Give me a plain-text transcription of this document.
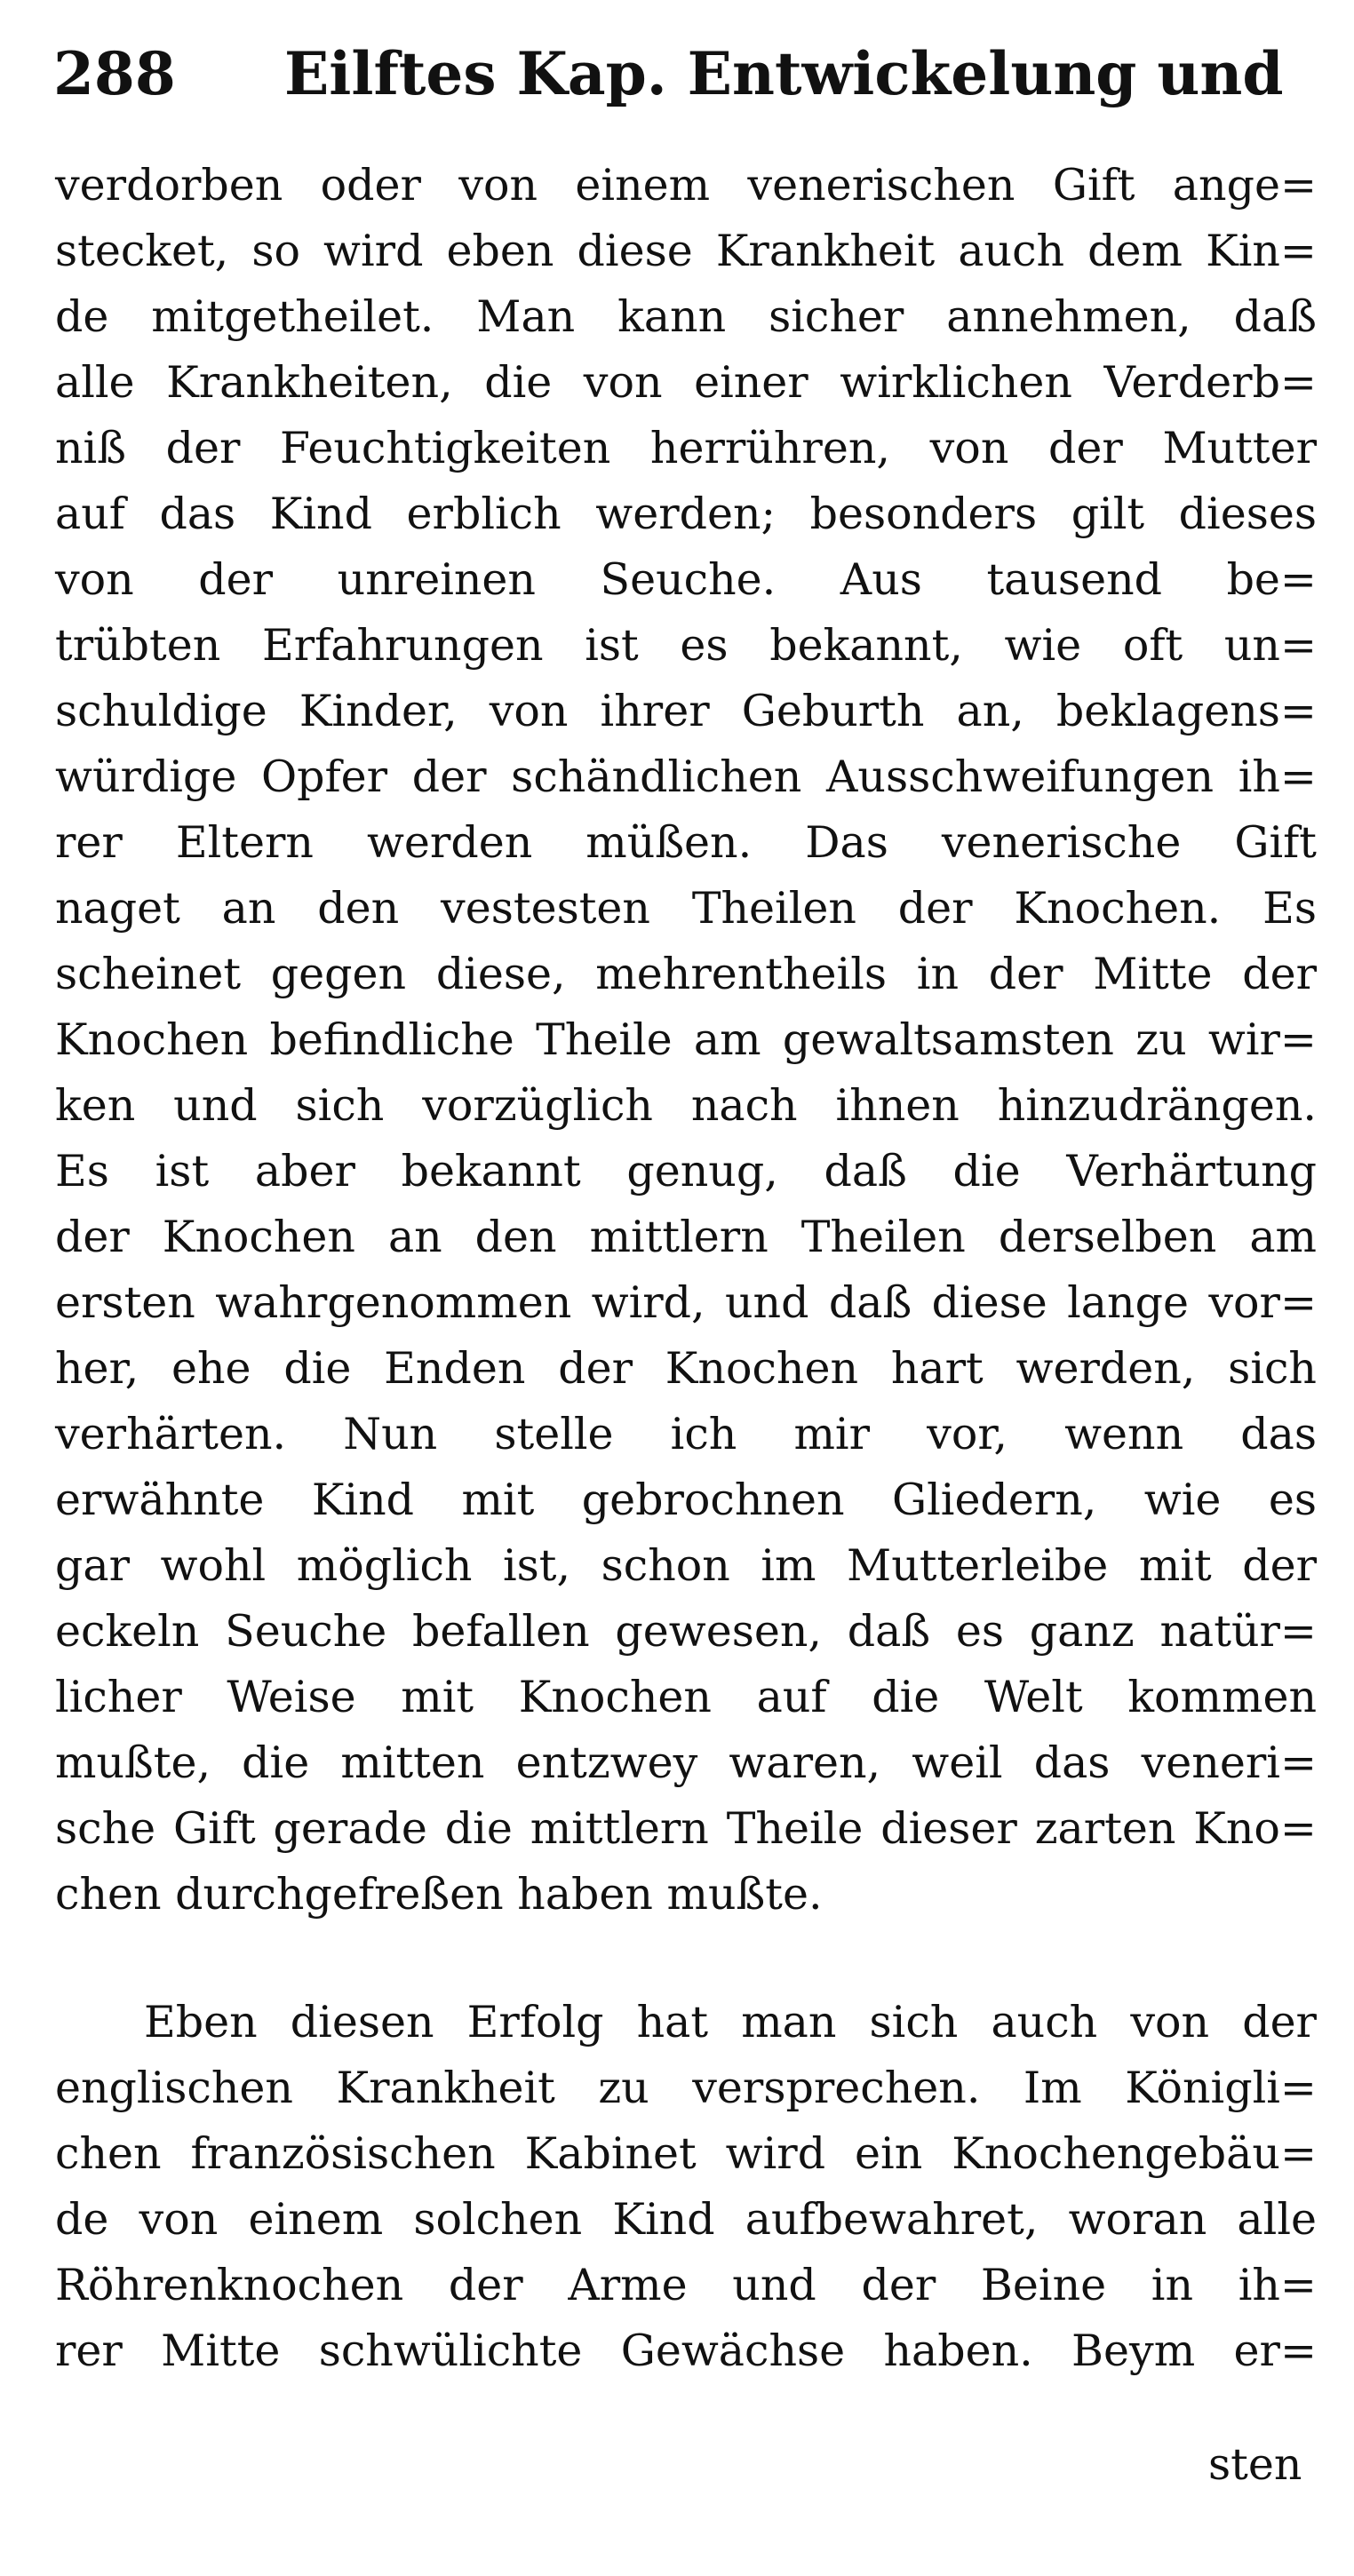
288 Eilftes Kap. Entwickelung und
verdorben oder von einem venerischen Gift ange=
stecket, so wird eben diese Krankheit auch dem Kin=
de mitgetheilet. Man kann sicher annehmen, daß
alle Krankheiten, die von einer wirklichen Verderb=
niß der Feuchtigkeiten herrühren, von der Mutter
auf das Kind erblich werden; besonders gilt dieses
von der unreinen Seuche. Aus tausend be=
trübten Erfahrungen ist es bekannt, wie oft un=
schuldige Kinder, von ihrer Geburth an, beklagens=
würdige Opfer der schändlichen Ausschweifungen ih=
rer Eltern werden müßen. Das venerische Gift
naget an den vestesten Theilen der Knochen. Es
scheinet gegen diese, mehrentheils in der Mitte der
Knochen befindliche Theile am gewaltsamsten zu wir=
ken und sich vorzüglich nach ihnen hinzudrängen.
Es ist aber bekannt genug, daß die Verhärtung
der Knochen an den mittlern Theilen derselben am
ersten wahrgenommen wird, und daß diese lange vor=
her, ehe die Enden der Knochen hart werden, sich
verhärten. Nun stelle ich mir vor, wenn das
erwähnte Kind mit gebrochnen Gliedern, wie es
gar wohl möglich ist, schon im Mutterleibe mit der
eckeln Seuche befallen gewesen, daß es ganz natür=
licher Weise mit Knochen auf die Welt kommen
mußte, die mitten entzwey waren, weil das veneri=
sche Gift gerade die mittlern Theile dieser zarten Kno=
chen durchgefreßen haben mußte.
Eben diesen Erfolg hat man sich auch von der
englischen Krankheit zu versprechen. Im Königli=
chen französischen Kabinet wird ein Knochengebäu=
de von einem solchen Kind aufbewahret, woran alle
Röhrenknochen der Arme und der Beine in ih=
rer Mitte schwülichte Gewächse haben. Beym er=
sten
